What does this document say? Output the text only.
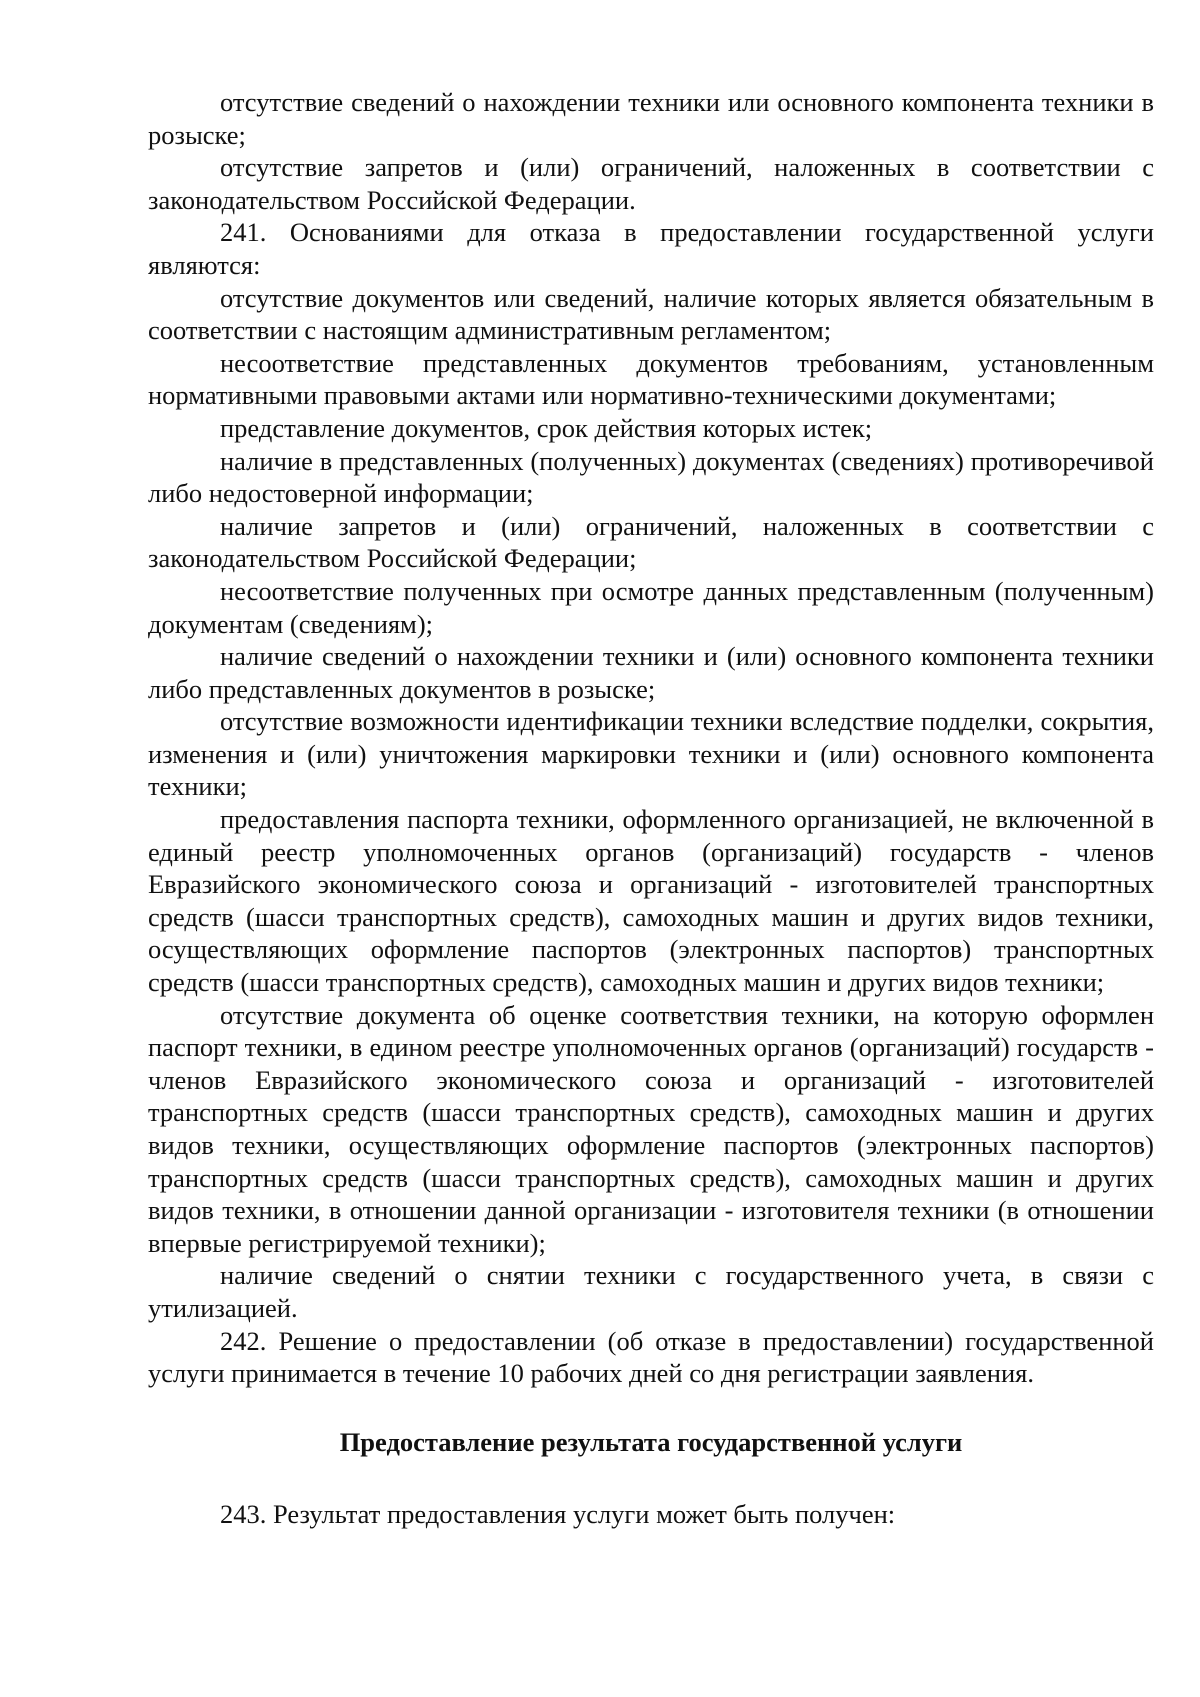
отсутствие сведений о нахождении техники или основного компонента техники в розыске;

отсутствие запретов и (или) ограничений, наложенных в соответствии с законодательством Российской Федерации.

241. Основаниями для отказа в предоставлении государственной услуги являются:

отсутствие документов или сведений, наличие которых является обязательным в соответствии с настоящим административным регламентом;

несоответствие представленных документов требованиям, установленным нормативными правовыми актами или нормативно-техническими документами;

представление документов, срок действия которых истек;

наличие в представленных (полученных) документах (сведениях) противоречивой либо недостоверной информации;

наличие запретов и (или) ограничений, наложенных в соответствии с законодательством Российской Федерации;

несоответствие полученных при осмотре данных представленным (полученным) документам (сведениям);

наличие сведений о нахождении техники и (или) основного компонента техники либо представленных документов в розыске;

отсутствие возможности идентификации техники вследствие подделки, сокрытия, изменения и (или) уничтожения маркировки техники и (или) основного компонента техники;

предоставления паспорта техники, оформленного организацией, не включенной в единый реестр уполномоченных органов (организаций) государств - членов Евразийского экономического союза и организаций - изготовителей транспортных средств (шасси транспортных средств), самоходных машин и других видов техники, осуществляющих оформление паспортов (электронных паспортов) транспортных средств (шасси транспортных средств), самоходных машин и других видов техники;

отсутствие документа об оценке соответствия техники, на которую оформлен паспорт техники, в едином реестре уполномоченных органов (организаций) государств - членов Евразийского экономического союза и организаций - изготовителей транспортных средств (шасси транспортных средств), самоходных машин и других видов техники, осуществляющих оформление паспортов (электронных паспортов) транспортных средств (шасси транспортных средств), самоходных машин и других видов техники, в отношении данной организации - изготовителя техники (в отношении впервые регистрируемой техники);

наличие сведений о снятии техники с государственного учета, в связи с утилизацией.

242. Решение о предоставлении (об отказе в предоставлении) государственной услуги принимается в течение 10 рабочих дней со дня регистрации заявления.

Предоставление результата государственной услуги

243. Результат предоставления услуги может быть получен:
